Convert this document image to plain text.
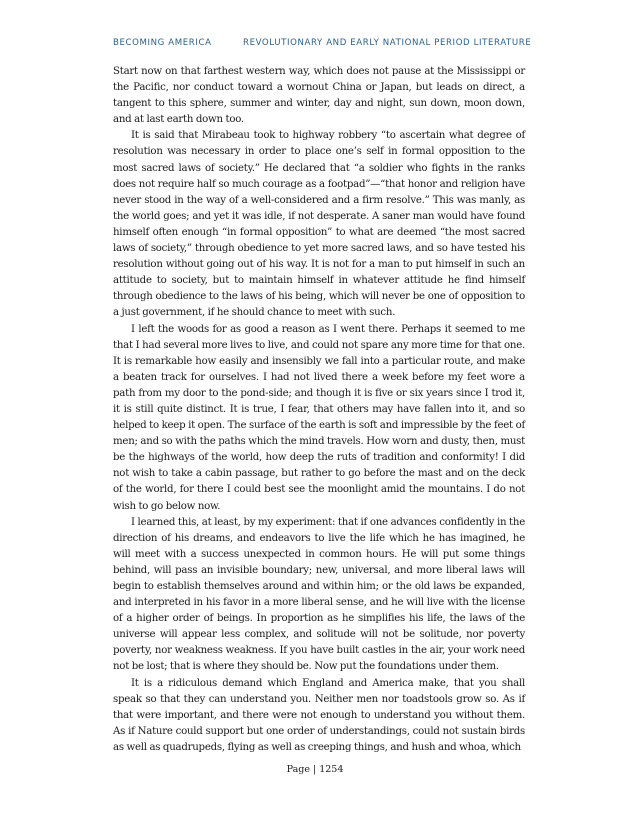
BECOMING AMERICA	REVOLUTIONARY AND EARLY NATIONAL PERIOD LITERATURE

Start now on that farthest western way, which does not pause at the Mississippi or the Pacific, nor conduct toward a wornout China or Japan, but leads on direct, a tangent to this sphere, summer and winter, day and night, sun down, moon down, and at last earth down too.

It is said that Mirabeau took to highway robbery “to ascertain what degree of resolution was necessary in order to place one’s self in formal opposition to the most sacred laws of society.” He declared that “a soldier who fights in the ranks does not require half so much courage as a footpad”—“that honor and religion have never stood in the way of a well-considered and a firm resolve.” This was manly, as the world goes; and yet it was idle, if not desperate. A saner man would have found himself often enough “in formal opposition” to what are deemed “the most sacred laws of society,” through obedience to yet more sacred laws, and so have tested his resolution without going out of his way. It is not for a man to put himself in such an attitude to society, but to maintain himself in whatever attitude he find himself through obedience to the laws of his being, which will never be one of opposition to a just government, if he should chance to meet with such.

I left the woods for as good a reason as I went there. Perhaps it seemed to me that I had several more lives to live, and could not spare any more time for that one. It is remarkable how easily and insensibly we fall into a particular route, and make a beaten track for ourselves. I had not lived there a week before my feet wore a path from my door to the pond-side; and though it is five or six years since I trod it, it is still quite distinct. It is true, I fear, that others may have fallen into it, and so helped to keep it open. The surface of the earth is soft and impressible by the feet of men; and so with the paths which the mind travels. How worn and dusty, then, must be the highways of the world, how deep the ruts of tradition and conformity! I did not wish to take a cabin passage, but rather to go before the mast and on the deck of the world, for there I could best see the moonlight amid the mountains. I do not wish to go below now.

I learned this, at least, by my experiment: that if one advances confidently in the direction of his dreams, and endeavors to live the life which he has imagined, he will meet with a success unexpected in common hours. He will put some things behind, will pass an invisible boundary; new, universal, and more liberal laws will begin to establish themselves around and within him; or the old laws be expanded, and interpreted in his favor in a more liberal sense, and he will live with the license of a higher order of beings. In proportion as he simplifies his life, the laws of the universe will appear less complex, and solitude will not be solitude, nor poverty poverty, nor weakness weakness. If you have built castles in the air, your work need not be lost; that is where they should be. Now put the foundations under them.

It is a ridiculous demand which England and America make, that you shall speak so that they can understand you. Neither men nor toadstools grow so. As if that were important, and there were not enough to understand you without them. As if Nature could support but one order of understandings, could not sustain birds as well as quadrupeds, flying as well as creeping things, and hush and whoa, which

Page | 1254
